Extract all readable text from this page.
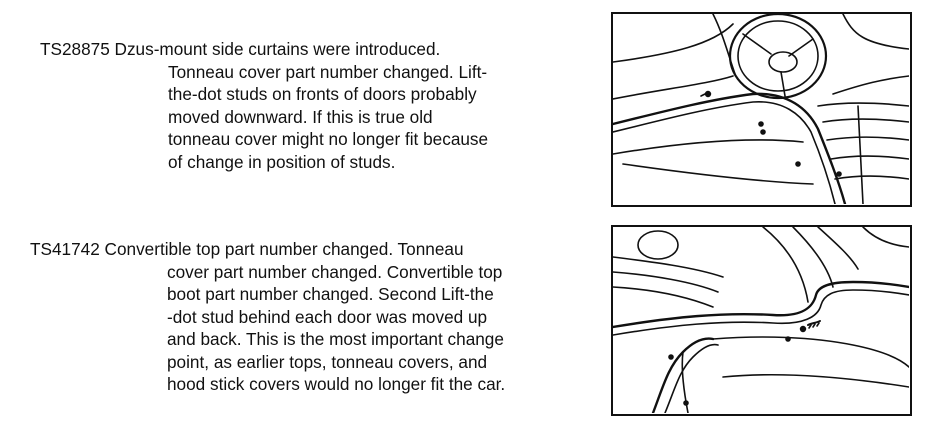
TS28875 Dzus-mount side curtains were introduced.
Tonneau cover part number changed. Lift-
the-dot studs on fronts of doors probably
moved downward. If this is true old
tonneau cover might no longer fit because
of change in position of studs.
TS41742 Convertible top part number changed. Tonneau
cover part number changed. Convertible top
boot part number changed. Second Lift-the
-dot stud behind each door was moved up
and back. This is the most important change
point, as earlier tops, tonneau covers, and
hood stick covers would no longer fit the car.
